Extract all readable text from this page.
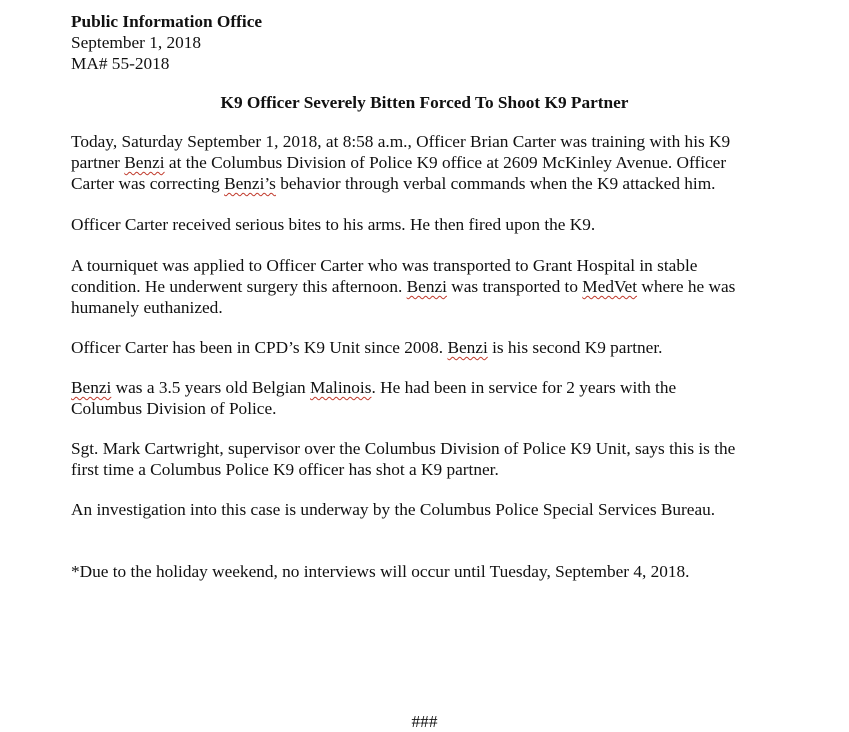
Public Information Office
September 1, 2018
MA# 55-2018
K9 Officer Severely Bitten Forced To Shoot K9 Partner

Today, Saturday September 1, 2018, at 8:58 a.m., Officer Brian Carter was training with his K9
partner Benzi at the Columbus Division of Police K9 office at 2609 McKinley Avenue. Officer
Carter was correcting Benzi’s behavior through verbal commands when the K9 attacked him.

Officer Carter received serious bites to his arms. He then fired upon the K9.

A tourniquet was applied to Officer Carter who was transported to Grant Hospital in stable
condition. He underwent surgery this afternoon. Benzi was transported to MedVet where he was
humanely euthanized.

Officer Carter has been in CPD’s K9 Unit since 2008. Benzi is his second K9 partner.

Benzi was a 3.5 years old Belgian Malinois. He had been in service for 2 years with the
Columbus Division of Police.

Sgt. Mark Cartwright, supervisor over the Columbus Division of Police K9 Unit, says this is the
first time a Columbus Police K9 officer has shot a K9 partner.

An investigation into this case is underway by the Columbus Police Special Services Bureau.

*Due to the holiday weekend, no interviews will occur until Tuesday, September 4, 2018.

###
